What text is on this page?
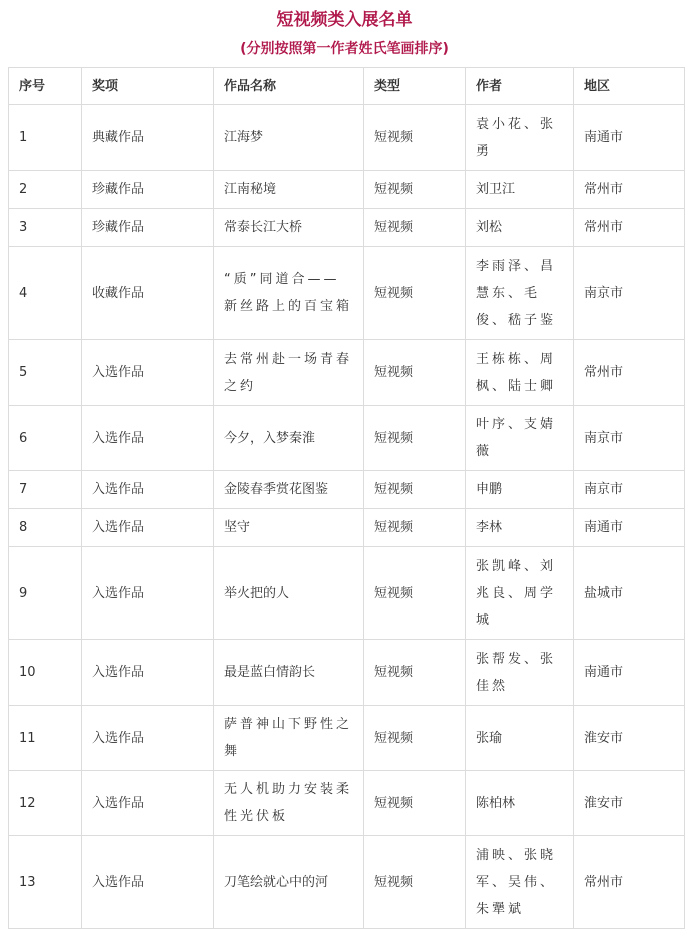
短视频类入展名单
(分别按照第一作者姓氏笔画排序)
序号	奖项	作品名称	类型	作者	地区
1	典藏作品	江海梦	短视频	袁小花、张勇	南通市
2	珍藏作品	江南秘境	短视频	刘卫江	常州市
3	珍藏作品	常泰长江大桥	短视频	刘松	常州市
4	收藏作品	“质”同道合——新丝路上的百宝箱	短视频	李雨泽、昌慧东、毛俊、嵇子鉴	南京市
5	入选作品	去常州赴一场青春之约	短视频	王栋栋、周枫、陆士卿	常州市
6	入选作品	今夕，入梦秦淮	短视频	叶序、支婧薇	南京市
7	入选作品	金陵春季赏花图鉴	短视频	申鹏	南京市
8	入选作品	坚守	短视频	李林	南通市
9	入选作品	举火把的人	短视频	张凯峰、刘兆良、周学城	盐城市
10	入选作品	最是蓝白情韵长	短视频	张帮发、张佳然	南通市
11	入选作品	萨普神山下野性之舞	短视频	张瑜	淮安市
12	入选作品	无人机助力安装柔性光伏板	短视频	陈柏林	淮安市
13	入选作品	刀笔绘就心中的河	短视频	浦映、张晓军、吴伟、朱犟斌	常州市
